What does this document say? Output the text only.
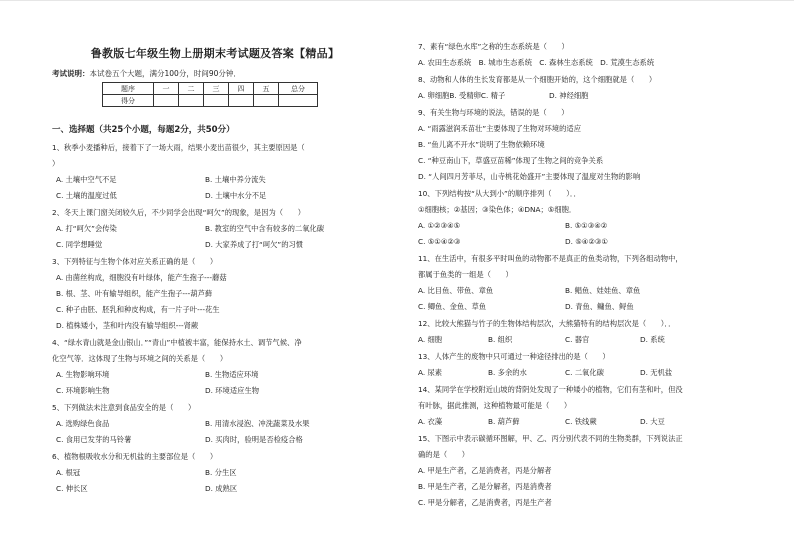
鲁教版七年级生物上册期末考试题及答案【精品】
考试说明：本试卷五个大题，满分100分，时间90分钟．
题序	一	二	三	四	五	总分
得分						
一、选择题（共25个小题，每题2分，共50分）
1、秋季小麦播种后，接着下了一场大雨，结果小麦出苗很少，其主要原因是（
）
A. 土壤中空气不足	B. 土壤中养分流失
C. 土壤的温度过低	D. 土壤中水分不足
2、冬天上课门窗关闭较久后，不少同学会出现“呵欠”的现象，是因为（　　）
A. 打“呵欠”会传染	B. 教室的空气中含有较多的二氧化碳
C. 同学想睡觉	D. 大家养成了打“呵欠”的习惯
3、下列特征与生物个体对应关系正确的是（　　）
A. 由菌丝构成，细胞没有叶绿体，能产生孢子---蘑菇
B. 根、茎、叶有输导组织，能产生孢子---葫芦藓
C. 种子由胚、胚乳和种皮构成，有一片子叶---花生
D. 植株矮小，茎和叶内没有输导组织---肾蕨
4、“绿水青山就是金山银山．”“青山”中植被丰富，能保持水土、调节气候、净
化空气等．这体现了生物与环境之间的关系是（　　）
A. 生物影响环境	B. 生物适应环境
C. 环境影响生物	D. 环境适应生物
5、下列做法未注意到食品安全的是（　　）
A. 选购绿色食品	B. 用清水浸泡、冲洗蔬菜及水果
C. 食用已发芽的马铃薯	D. 买肉时，验明是否检疫合格
6、植物根吸收水分和无机盐的主要部位是（　　）
A. 根冠	B. 分生区
C. 伸长区	D. 成熟区
7、素有“绿色水库”之称的生态系统是（　　）
A. 农田生态系统　B. 城市生态系统　C. 森林生态系统　D. 荒漠生态系统
8、动物和人体的生长发育都是从一个细胞开始的，这个细胞就是（　　）
A. 卵细胞B. 受精卵C. 精子　　　　　　D. 神经细胞
9、有关生物与环境的说法，错误的是（　　）
A. “雨露滋润禾苗壮”主要体现了生物对环境的适应
B. “鱼儿离不开水”说明了生物依赖环境
C. “种豆南山下，草盛豆苗稀”体现了生物之间的竞争关系
D. “人间四月芳菲尽，山寺桃花始盛开”主要体现了温度对生物的影响
10、下列结构按“从大到小”的顺序排列（　　）．．
①细胞核；②基因；③染色体；④DNA；⑤细胞．
A. ①②③④⑤	B. ⑤①③④②
C. ⑤①④②③	D. ⑤④②③①
11、在生活中，有很多平时叫鱼的动物都不是真正的鱼类动物，下列各组动物中，
都属于鱼类的一组是（　　）
A. 比目鱼、带鱼、章鱼	B. 鲳鱼、娃娃鱼、章鱼
C. 鲫鱼、金鱼、草鱼	D. 青鱼、鳙鱼、鲟鱼
12、比较大熊猫与竹子的生物体结构层次，大熊猫特有的结构层次是（　　）．．
A. 细胞	B. 组织	C. 器官	D. 系统
13、人体产生的废物中只可通过一种途径排出的是（　　）
A. 尿素	B. 多余的水	C. 二氧化碳	D. 无机盐
14、某同学在学校附近山坡的背阴处发现了一种矮小的植物，它们有茎和叶，但没
有叶脉，据此推测，这种植物最可能是（　　）
A. 衣藻	B. 葫芦藓	C. 铁线蕨	D. 大豆
15、下图示中表示碳循环图解，甲、乙、丙分别代表不同的生物类群，下列说法正
确的是（　　）
A. 甲是生产者，乙是消费者，丙是分解者
B. 甲是生产者，乙是分解者，丙是消费者
C. 甲是分解者，乙是消费者，丙是生产者
